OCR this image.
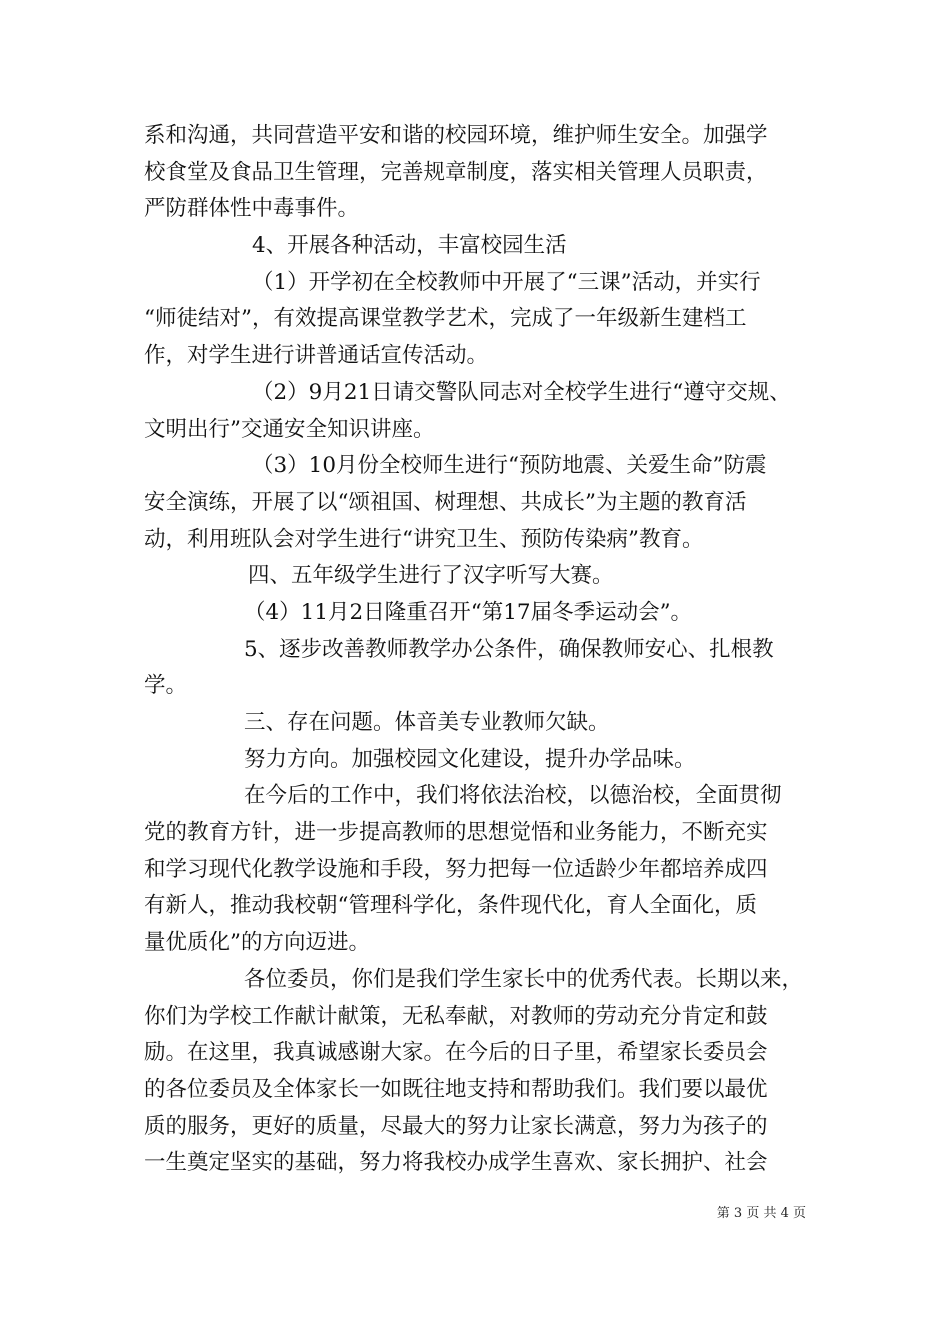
系和沟通，共同营造平安和谐的校园环境，维护师生安全。加强学
校食堂及食品卫生管理，完善规章制度，落实相关管理人员职责，
严防群体性中毒事件。
4、开展各种活动，丰富校园生活
（1）开学初在全校教师中开展了“三课”活动，并实行
“师徒结对”，有效提高课堂教学艺术，完成了一年级新生建档工
作，对学生进行讲普通话宣传活动。
（2）9月21日请交警队同志对全校学生进行“遵守交规、
文明出行”交通安全知识讲座。
（3）10月份全校师生进行“预防地震、关爱生命”防震
安全演练，开展了以“颂祖国、树理想、共成长”为主题的教育活
动，利用班队会对学生进行“讲究卫生、预防传染病”教育。
四、五年级学生进行了汉字听写大赛。
（4）11月2日隆重召开“第17届冬季运动会”。
5、逐步改善教师教学办公条件，确保教师安心、扎根教
学。
三、存在问题。体音美专业教师欠缺。
努力方向。加强校园文化建设，提升办学品味。
在今后的工作中，我们将依法治校，以德治校，全面贯彻
党的教育方针，进一步提高教师的思想觉悟和业务能力，不断充实
和学习现代化教学设施和手段，努力把每一位适龄少年都培养成四
有新人，推动我校朝“管理科学化，条件现代化，育人全面化，质
量优质化”的方向迈进。
各位委员，你们是我们学生家长中的优秀代表。长期以来，
你们为学校工作献计献策，无私奉献，对教师的劳动充分肯定和鼓
励。在这里，我真诚感谢大家。在今后的日子里，希望家长委员会
的各位委员及全体家长一如既往地支持和帮助我们。我们要以最优
质的服务，更好的质量，尽最大的努力让家长满意，努力为孩子的
一生奠定坚实的基础，努力将我校办成学生喜欢、家长拥护、社会
第 3 页 共 4 页
